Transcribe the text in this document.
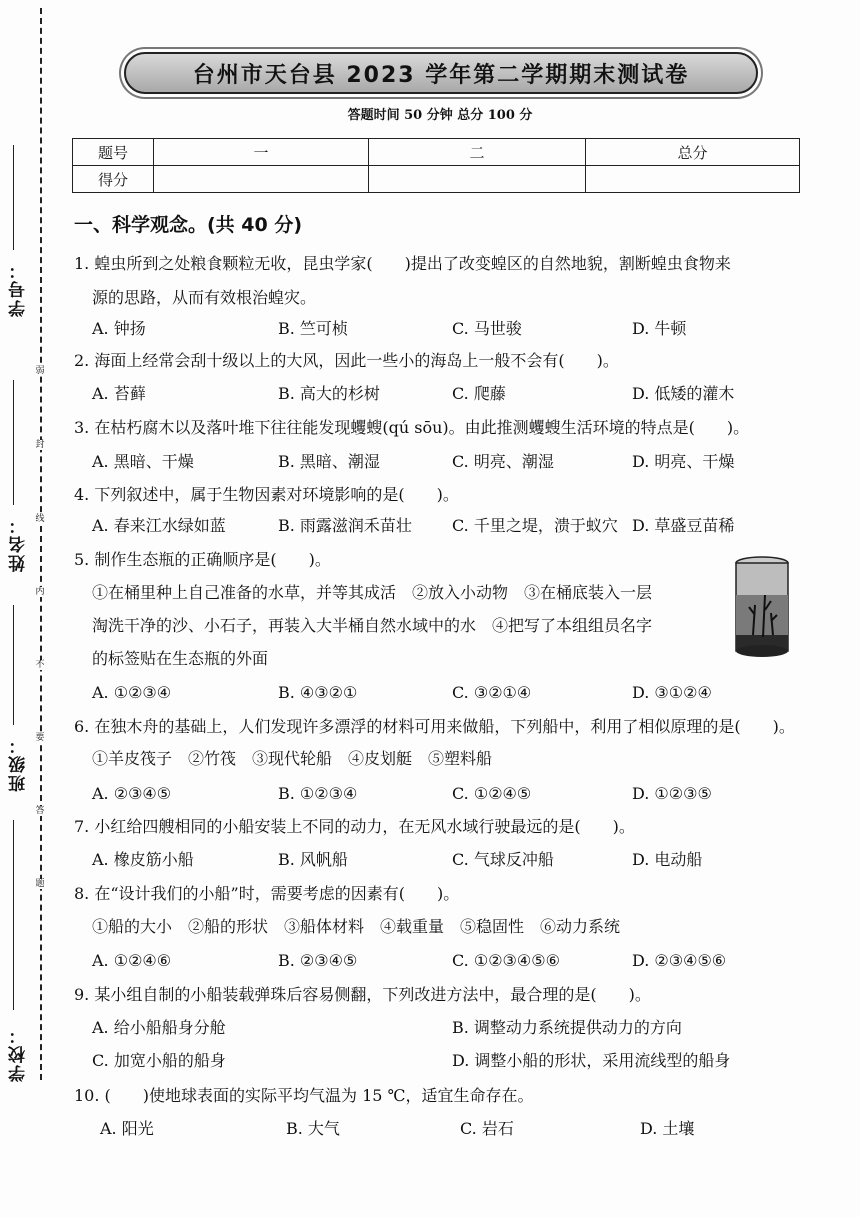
弱
封
线
内
不
要
答
题
学号：
姓名：
班级：
学校：
台州市天台县 2023 学年第二学期期末测试卷
答题时间 50 分钟 总分 100 分
题号	一	二	总分
得分			
一、科学观念。(共 40 分)
1. 蝗虫所到之处粮食颗粒无收，昆虫学家(　　)提出了改变蝗区的自然地貌，割断蝗虫食物来
源的思路，从而有效根治蝗灾。
A. 钟扬	B. 竺可桢	C. 马世骏	D. 牛顿
2. 海面上经常会刮十级以上的大风，因此一些小的海岛上一般不会有(　　)。
A. 苔藓	B. 高大的杉树	C. 爬藤	D. 低矮的灌木
3. 在枯朽腐木以及落叶堆下往往能发现蠼螋(qú sōu)。由此推测蠼螋生活环境的特点是(　　)。
A. 黑暗、干燥	B. 黑暗、潮湿	C. 明亮、潮湿	D. 明亮、干燥
4. 下列叙述中，属于生物因素对环境影响的是(　　)。
A. 春来江水绿如蓝	B. 雨露滋润禾苗壮	C. 千里之堤，溃于蚁穴 D. 草盛豆苗稀
5. 制作生态瓶的正确顺序是(　　)。
①在桶里种上自己准备的水草，并等其成活　②放入小动物　③在桶底装入一层
淘洗干净的沙、小石子，再装入大半桶自然水域中的水　④把写了本组组员名字
的标签贴在生态瓶的外面
A. ①②③④	B. ④③②①	C. ③②①④	D. ③①②④
6. 在独木舟的基础上，人们发现许多漂浮的材料可用来做船，下列船中，利用了相似原理的是(　　)。
①羊皮筏子　②竹筏　③现代轮船　④皮划艇　⑤塑料船
A. ②③④⑤	B. ①②③④	C. ①②④⑤	D. ①②③⑤
7. 小红给四艘相同的小船安装上不同的动力，在无风水域行驶最远的是(　　)。
A. 橡皮筋小船	B. 风帆船	C. 气球反冲船	D. 电动船
8. 在“设计我们的小船”时，需要考虑的因素有(　　)。
①船的大小　②船的形状　③船体材料　④载重量　⑤稳固性　⑥动力系统
A. ①②④⑥	B. ②③④⑤	C. ①②③④⑤⑥	D. ②③④⑤⑥
9. 某小组自制的小船装载弹珠后容易侧翻，下列改进方法中，最合理的是(　　)。
A. 给小船船身分舱	B. 调整动力系统提供动力的方向
C. 加宽小船的船身	D. 调整小船的形状，采用流线型的船身
10. (　　)使地球表面的实际平均气温为 15 ℃，适宜生命存在。
A. 阳光	B. 大气	C. 岩石	D. 土壤
